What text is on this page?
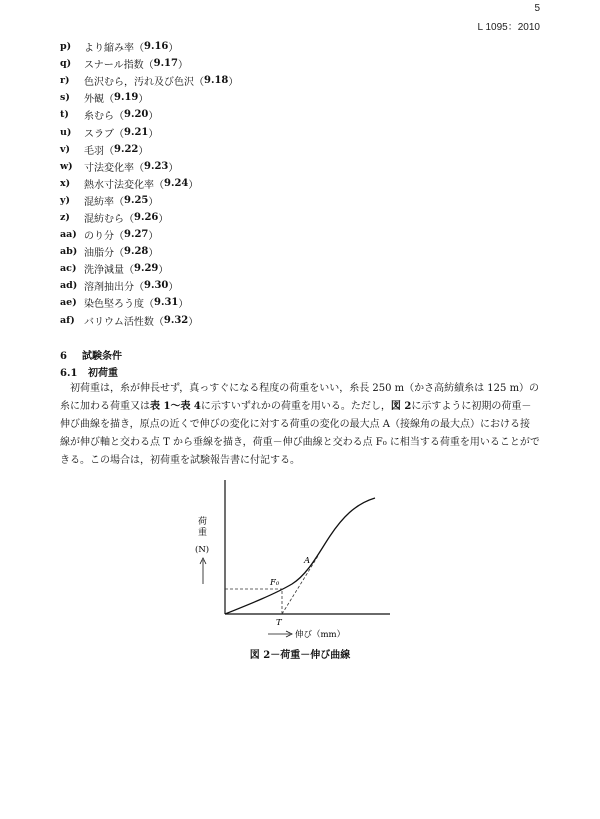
5
L 1095：2010
p)	より縮み率（ 9.16 ）
q)	スナール指数（ 9.17 ）
r)	色沢むら，汚れ及び色沢（ 9.18 ）
s)	外観（ 9.19 ）
t)	糸むら（ 9.20 ）
u)	スラブ（ 9.21 ）
v)	毛羽（ 9.22 ）
w)	寸法変化率（ 9.23 ）
x)	熱水寸法変化率（ 9.24 ）
y)	混紡率（ 9.25 ）
z)	混紡むら（ 9.26 ）
aa) のり分（ 9.27 ）
ab) 油脂分（ 9.28 ）
ac) 洗浄減量（ 9.29 ）
ad) 溶剤抽出分（ 9.30 ）
ae) 染色堅ろう度（ 9.31 ）
af) バリウム活性数（ 9.32 ）
6 試験条件
6.1 初荷重
初荷重は，糸が伸長せず，真っすぐになる程度の荷重をいい，糸長 250 m（かさ高紡績糸は 125 m）の
糸に加わる荷重又は表 1～表 4に示すいずれかの荷重を用いる。ただし，図 2に示すように初期の荷重－
伸び曲線を描き，原点の近くで伸びの変化に対する荷重の変化の最大点 A（接線角の最大点）における接
線が伸び軸と交わる点 T から垂線を描き，荷重－伸び曲線と交わる点 F₀ に相当する荷重を用いることがで
きる。この場合は，初荷重を試験報告書に付記する。
荷
重
(N)
F₀
A
T
伸び（mm）
図 2－荷重－伸び曲線
